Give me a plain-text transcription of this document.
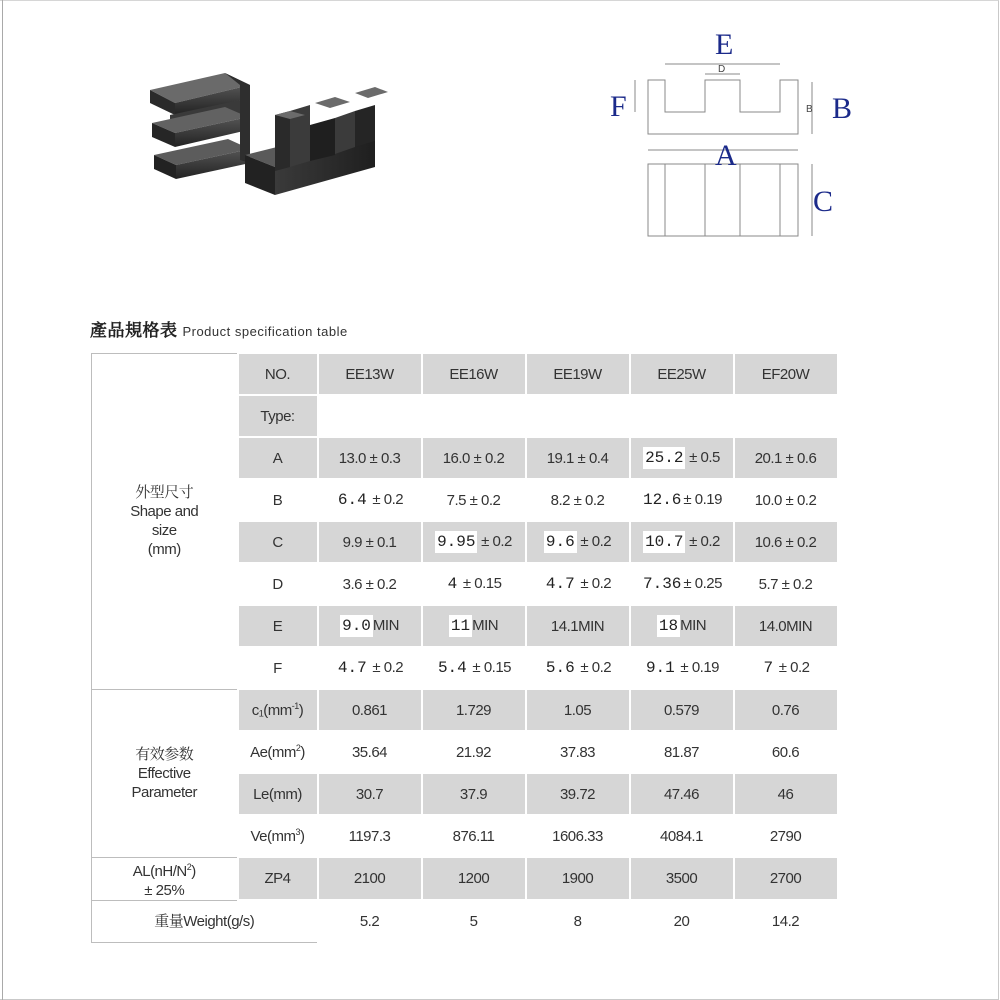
E
D
F	B B
A
C
產品規格表 Product specification table
外型尺寸
Shape and
size
(mm)	NO.	EE13W	EE16W	EE19W	EE25W	EF20W
	Type:					
	A	13.0 ± 0.3	16.0 ± 0.2	19.1 ± 0.4	25.2 ± 0.5	20.1 ± 0.6
	B	6.4 ± 0.2	7.5 ± 0.2	8.2 ± 0.2	12.6 ± 0.19	10.0 ± 0.2
	C	9.9 ± 0.1	9.95 ± 0.2	9.6 ± 0.2	10.7 ± 0.2	10.6 ± 0.2
	D	3.6 ± 0.2	4 ± 0.15	4.7 ± 0.2	7.36 ± 0.25	5.7 ± 0.2
	E	9.0 MIN	11 MIN	14.1MIN	18 MIN	14.0MIN
	F	4.7 ± 0.2	5.4 ± 0.15	5.6 ± 0.2	9.1 ± 0.19	7 ± 0.2

有效参数
Effective
Parameter	$c_1(mm^{-1})$	0.861	1.729	1.05	0.579	0.76
	$Ae(mm^2)$	35.64	21.92	37.83	81.87	60.6
	Le(mm)	30.7	37.9	39.72	47.46	46
	$Ve(mm^3)$	1197.3	876.11	1606.33	4084.1	2790

$AL(nH/N^2)$
± 25%	ZP4	2100	1200	1900	3500	2700
重量Weight(g/s)		5.2	5	8	20	14.2
